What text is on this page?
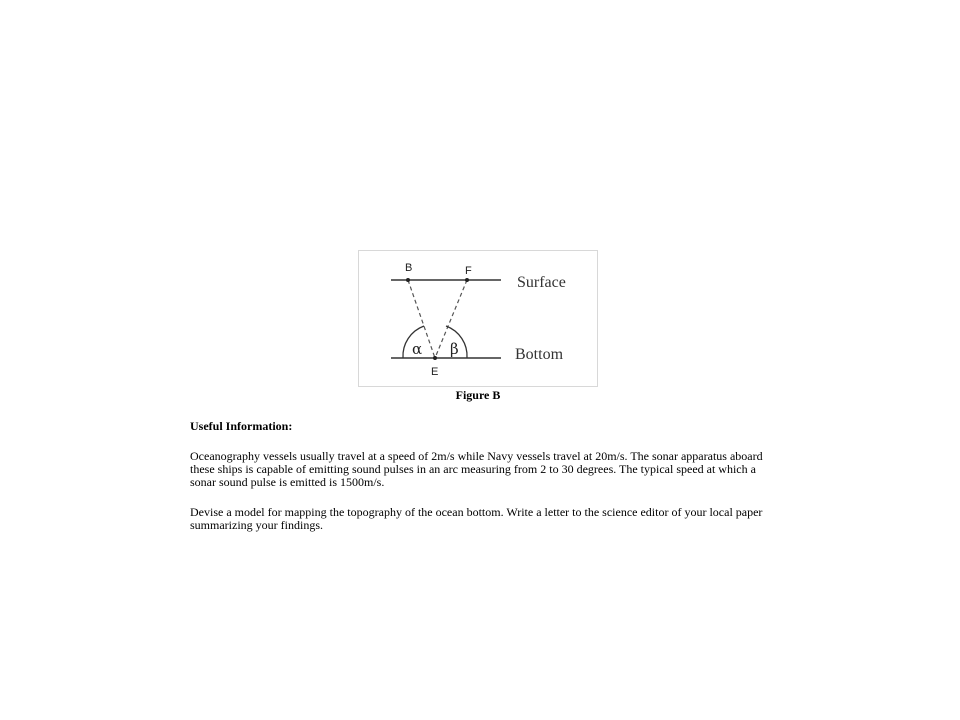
B	F
E
α β
Surface
Bottom
Figure B
Useful Information:

Oceanography vessels usually travel at a speed of 2m/s while Navy vessels travel at 20m/s. The sonar apparatus aboard these ships is capable of emitting sound pulses in an arc measuring from 2 to 30 degrees. The typical speed at which a sonar sound pulse is emitted is 1500m/s.

Devise a model for mapping the topography of the ocean bottom. Write a letter to the science editor of your local paper summarizing your findings.
